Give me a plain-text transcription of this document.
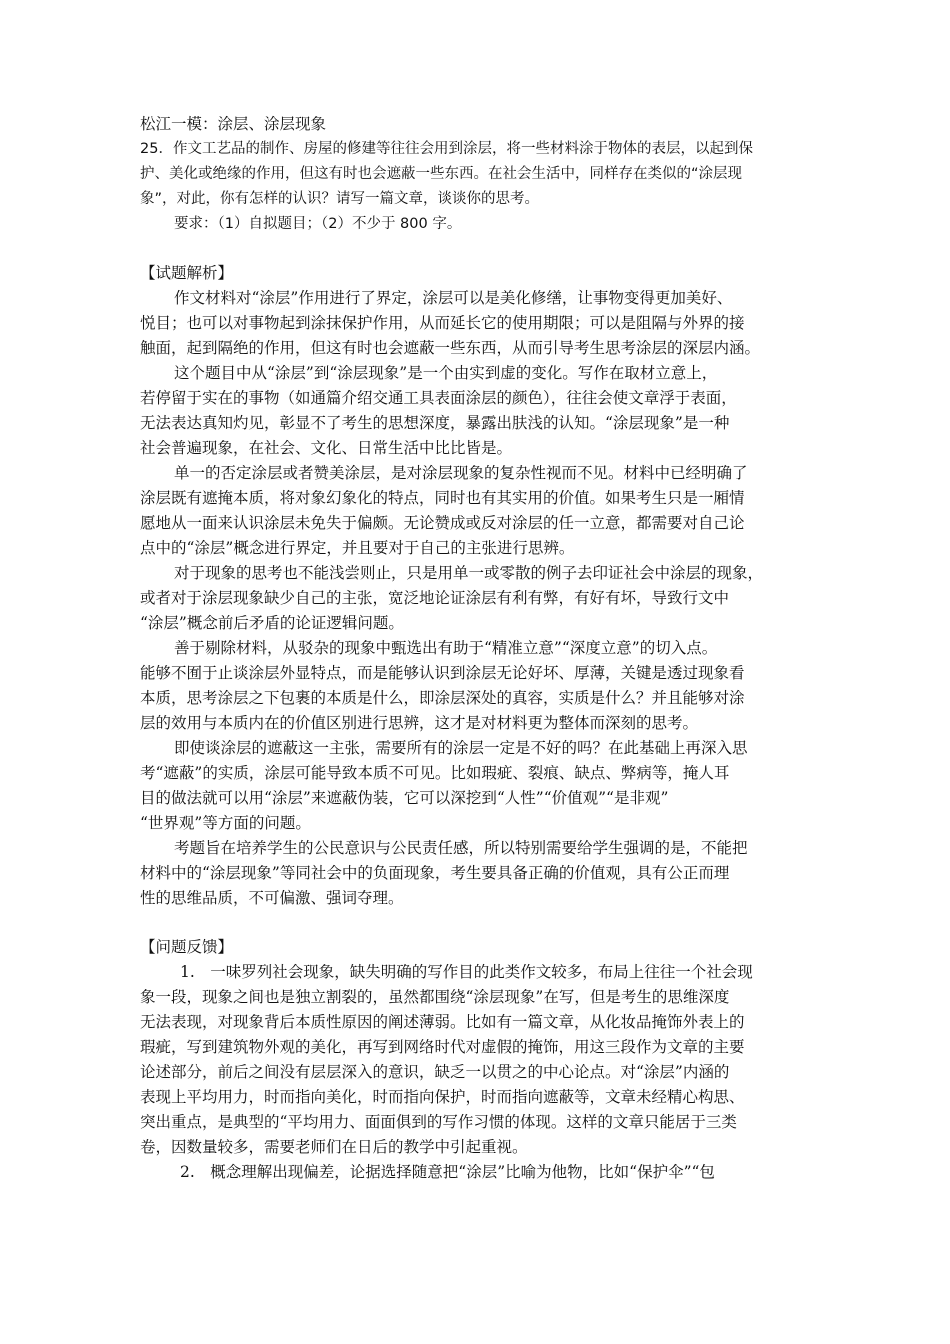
松江一模：涂层、涂层现象
25．作文工艺品的制作、房屋的修建等往往会用到涂层，将一些材料涂于物体的表层，以起到保
护、美化或绝缘的作用，但这有时也会遮蔽一些东西。在社会生活中，同样存在类似的“涂层现
象”，对此，你有怎样的认识？请写一篇文章，谈谈你的思考。
要求：（1）自拟题目；（2）不少于 800 字。
【试题解析】
作文材料对“涂层”作用进行了界定，涂层可以是美化修缮，让事物变得更加美好、
悦目；也可以对事物起到涂抹保护作用，从而延长它的使用期限；可以是阻隔与外界的接
触面，起到隔绝的作用，但这有时也会遮蔽一些东西，从而引导考生思考涂层的深层内涵。
这个题目中从“涂层”到“涂层现象”是一个由实到虚的变化。写作在取材立意上，
若停留于实在的事物（如通篇介绍交通工具表面涂层的颜色），往往会使文章浮于表面，
无法表达真知灼见，彰显不了考生的思想深度，暴露出肤浅的认知。“涂层现象”是一种
社会普遍现象，在社会、文化、日常生活中比比皆是。
单一的否定涂层或者赞美涂层，是对涂层现象的复杂性视而不见。材料中已经明确了
涂层既有遮掩本质，将对象幻象化的特点，同时也有其实用的价值。如果考生只是一厢情
愿地从一面来认识涂层未免失于偏颇。无论赞成或反对涂层的任一立意，都需要对自己论
点中的“涂层”概念进行界定，并且要对于自己的主张进行思辨。
对于现象的思考也不能浅尝则止，只是用单一或零散的例子去印证社会中涂层的现象，
或者对于涂层现象缺少自己的主张，宽泛地论证涂层有利有弊，有好有坏，导致行文中
“涂层”概念前后矛盾的论证逻辑问题。
善于剔除材料，从驳杂的现象中甄选出有助于“精准立意”“深度立意”的切入点。
能够不囿于止谈涂层外显特点，而是能够认识到涂层无论好坏、厚薄，关键是透过现象看
本质，思考涂层之下包裹的本质是什么，即涂层深处的真容，实质是什么？并且能够对涂
层的效用与本质内在的价值区别进行思辨，这才是对材料更为整体而深刻的思考。
即使谈涂层的遮蔽这一主张，需要所有的涂层一定是不好的吗？在此基础上再深入思
考“遮蔽”的实质，涂层可能导致本质不可见。比如瑕疵、裂痕、缺点、弊病等，掩人耳
目的做法就可以用“涂层”来遮蔽伪装，它可以深挖到“人性”“价值观”“是非观”
“世界观”等方面的问题。
考题旨在培养学生的公民意识与公民责任感，所以特别需要给学生强调的是，不能把
材料中的“涂层现象”等同社会中的负面现象，考生要具备正确的价值观，具有公正而理
性的思维品质，不可偏激、强词夺理。
【问题反馈】
1.　一味罗列社会现象，缺失明确的写作目的此类作文较多，布局上往往一个社会现
象一段，现象之间也是独立割裂的，虽然都围绕“涂层现象”在写，但是考生的思维深度
无法表现，对现象背后本质性原因的阐述薄弱。比如有一篇文章，从化妆品掩饰外表上的
瑕疵，写到建筑物外观的美化，再写到网络时代对虚假的掩饰，用这三段作为文章的主要
论述部分，前后之间没有层层深入的意识，缺乏一以贯之的中心论点。对“涂层”内涵的
表现上平均用力，时而指向美化，时而指向保护，时而指向遮蔽等，文章未经精心构思、
突出重点，是典型的“平均用力、面面俱到的写作习惯的体现。这样的文章只能居于三类
卷，因数量较多，需要老师们在日后的教学中引起重视。
2.　概念理解出现偏差，论据选择随意把“涂层”比喻为他物，比如“保护伞”“包
